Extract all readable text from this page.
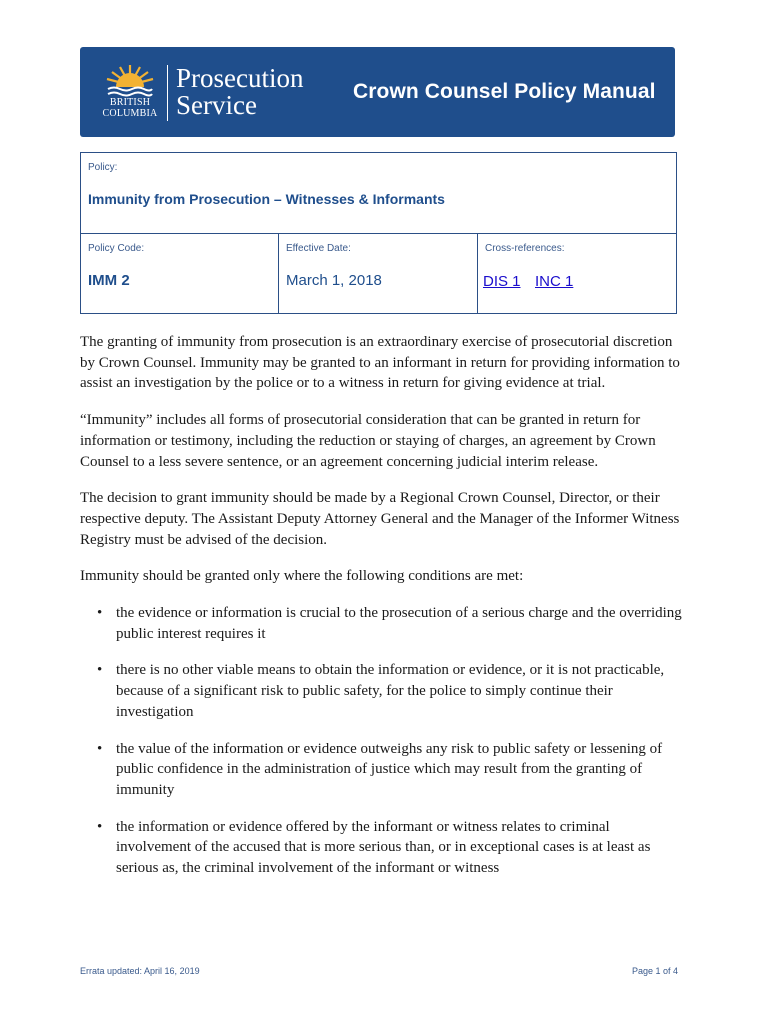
BRITISH
COLUMBIA
Prosecution
Service	Crown Counsel Policy Manual
Policy:
Immunity from Prosecution – Witnesses & Informants
Policy Code:
IMM 2
Effective Date:
March 1, 2018
Cross-references:
DIS 1 INC 1

The granting of immunity from prosecution is an extraordinary exercise of prosecutorial discretion by Crown Counsel. Immunity may be granted to an informant in return for providing information to assist an investigation by the police or to a witness in return for giving evidence at trial.

“Immunity” includes all forms of prosecutorial consideration that can be granted in return for information or testimony, including the reduction or staying of charges, an agreement by Crown Counsel to a less severe sentence, or an agreement concerning judicial interim release.

The decision to grant immunity should be made by a Regional Crown Counsel, Director, or their respective deputy. The Assistant Deputy Attorney General and the Manager of the Informer Witness Registry must be advised of the decision.

Immunity should be granted only where the following conditions are met:

• the evidence or information is crucial to the prosecution of a serious charge and the overriding public interest requires it
• there is no other viable means to obtain the information or evidence, or it is not practicable, because of a significant risk to public safety, for the police to simply continue their investigation
• the value of the information or evidence outweighs any risk to public safety or lessening of public confidence in the administration of justice which may result from the granting of immunity
• the information or evidence offered by the informant or witness relates to criminal involvement of the accused that is more serious than, or in exceptional cases is at least as serious as, the criminal involvement of the informant or witness
Errata updated: April 16, 2019	Page 1 of 4
